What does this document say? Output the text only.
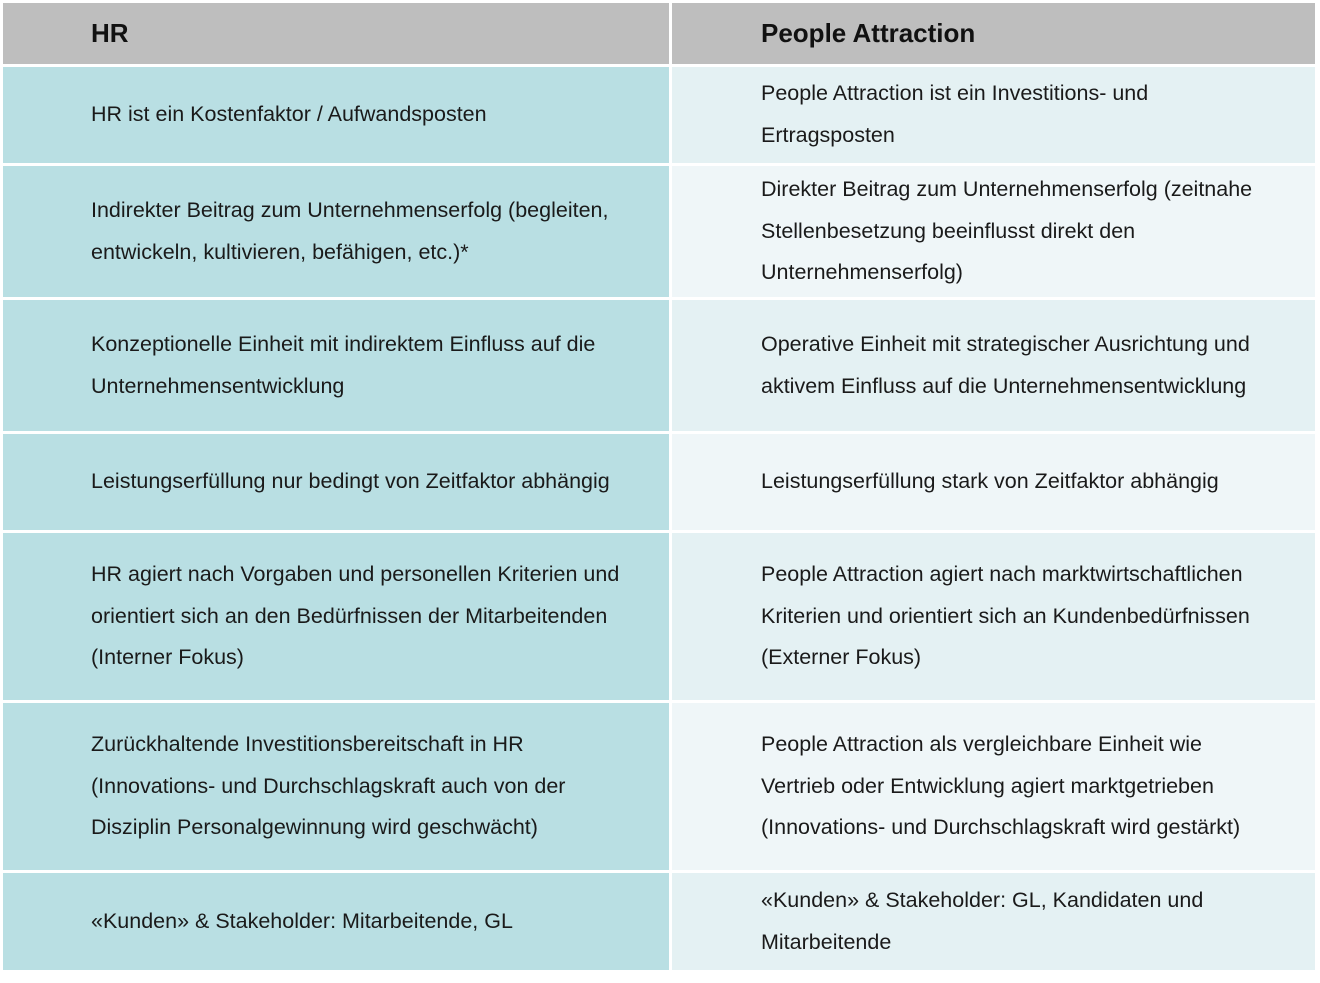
HR	People Attraction
HR ist ein Kostenfaktor / Aufwandsposten
People Attraction ist ein Investitions- und Ertragsposten
Indirekter Beitrag zum Unternehmenserfolg (begleiten, entwickeln, kultivieren, befähigen, etc.)*
Direkter Beitrag zum Unternehmenserfolg (zeitnahe Stellenbesetzung beeinflusst direkt den Unternehmenserfolg)
Konzeptionelle Einheit mit indirektem Einfluss auf die Unternehmensentwicklung
Operative Einheit mit strategischer Ausrichtung und aktivem Einfluss auf die Unternehmensentwicklung
Leistungserfüllung nur bedingt von Zeitfaktor abhängig	Leistungserfüllung stark von Zeitfaktor abhängig
HR agiert nach Vorgaben und personellen Kriterien und orientiert sich an den Bedürfnissen der Mitarbeitenden (Interner Fokus)
People Attraction agiert nach marktwirtschaftlichen Kriterien und orientiert sich an Kundenbedürfnissen (Externer Fokus)
Zurückhaltende Investitionsbereitschaft in HR (Innovations- und Durchschlagskraft auch von der Disziplin Personalgewinnung wird geschwächt)
People Attraction als vergleichbare Einheit wie Vertrieb oder Entwicklung agiert marktgetrieben (Innovations- und Durchschlagskraft wird gestärkt)
«Kunden» & Stakeholder: Mitarbeitende, GL
«Kunden» & Stakeholder: GL, Kandidaten und Mitarbeitende
